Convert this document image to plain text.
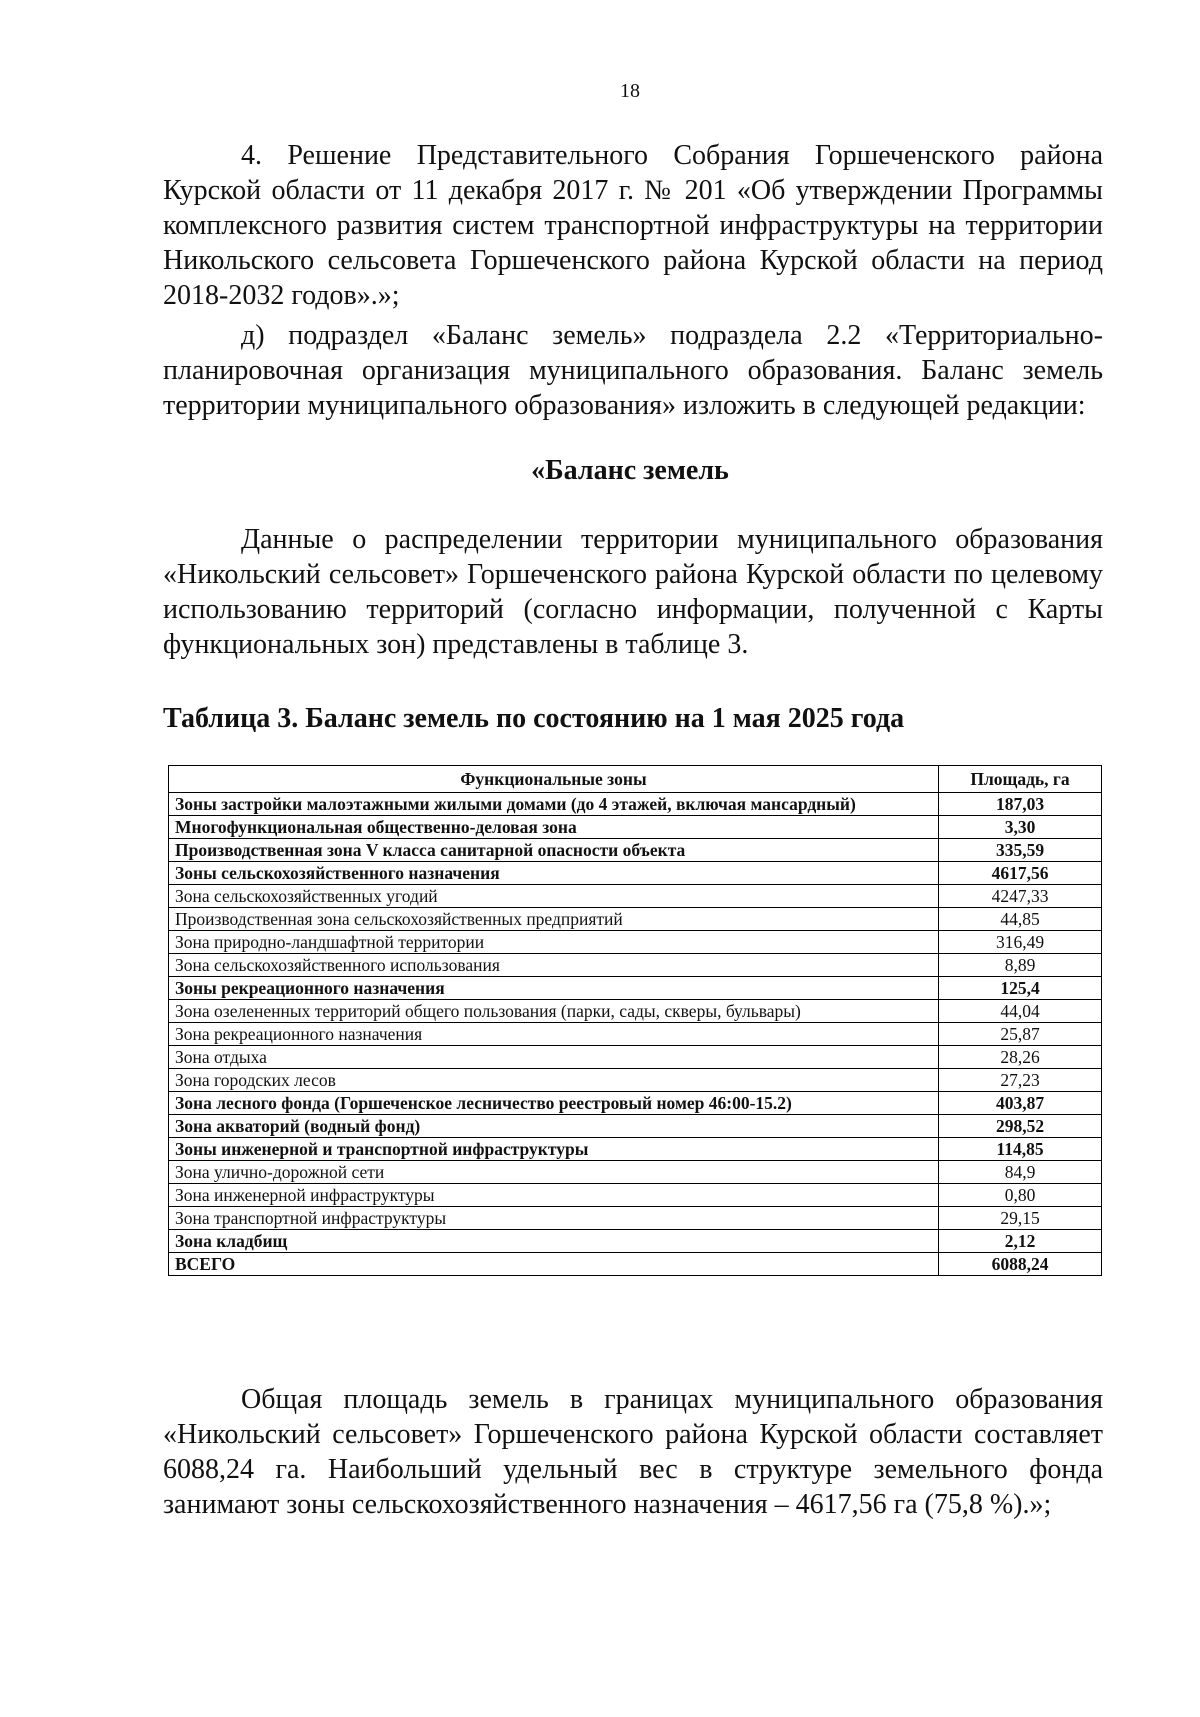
18

4. Решение Представительного Собрания Горшеченского района Курской области от 11 декабря 2017 г. № 201 «Об утверждении Программы комплексного развития систем транспортной инфраструктуры на территории Никольского сельсовета Горшеченского района Курской области на период 2018-2032 годов».»;

д) подраздел «Баланс земель» подраздела 2.2 «Территориально-планировочная организация муниципального образования. Баланс земель территории муниципального образования» изложить в следующей редакции:

«Баланс земель

Данные о распределении территории муниципального образования «Никольский сельсовет» Горшеченского района Курской области по целевому использованию территорий (согласно информации, полученной с Карты функциональных зон) представлены в таблице 3.

Таблица 3. Баланс земель по состоянию на 1 мая 2025 года
Функциональные зоны	Площадь, га
Зоны застройки малоэтажными жилыми домами (до 4 этажей, включая мансардный)	187,03
Многофункциональная общественно-деловая зона	3,30
Производственная зона V класса санитарной опасности объекта	335,59
Зоны сельскохозяйственного назначения	4617,56
Зона сельскохозяйственных угодий	4247,33
Производственная зона сельскохозяйственных предприятий	44,85
Зона природно-ландшафтной территории	316,49
Зона сельскохозяйственного использования	8,89
Зоны рекреационного назначения	125,4
Зона озелененных территорий общего пользования (парки, сады, скверы, бульвары)	44,04
Зона рекреационного назначения	25,87
Зона отдыха	28,26
Зона городских лесов	27,23
Зона лесного фонда (Горшеченское лесничество реестровый номер 46:00-15.2)	403,87
Зона акваторий (водный фонд)	298,52
Зоны инженерной и транспортной инфраструктуры	114,85
Зона улично-дорожной сети	84,9
Зона инженерной инфраструктуры	0,80
Зона транспортной инфраструктуры	29,15
Зона кладбищ	2,12
ВСЕГО	6088,24

Общая площадь земель в границах муниципального образования «Никольский сельсовет» Горшеченского района Курской области составляет 6088,24 га. Наибольший удельный вес в структуре земельного фонда занимают зоны сельскохозяйственного назначения – 4617,56 га (75,8 %).»;
